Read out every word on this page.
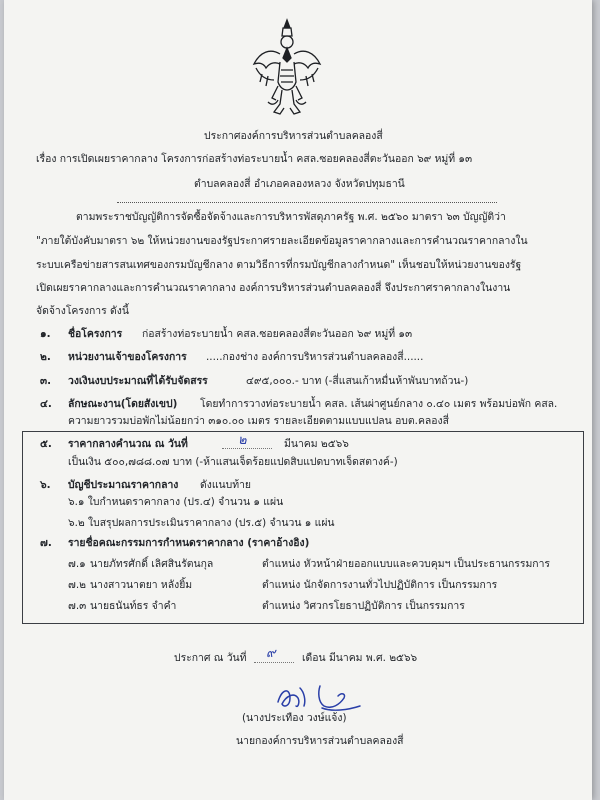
ประกาศองค์การบริหารส่วนตำบลคลองสี่
เรื่อง การเปิดเผยราคากลาง โครงการก่อสร้างท่อระบายน้ำ คสล.ซอยคลองสี่ตะวันออก ๖๙ หมู่ที่ ๑๓
ตำบลคลองสี่ อำเภอคลองหลวง จังหวัดปทุมธานี
ตามพระราชบัญญัติการจัดซื้อจัดจ้างและการบริหารพัสดุภาครัฐ พ.ศ. ๒๕๖๐ มาตรา ๖๓ บัญญัติว่า
"ภายใต้บังคับมาตรา ๖๒ ให้หน่วยงานของรัฐประกาศรายละเอียดข้อมูลราคากลางและการคำนวณราคากลางใน
ระบบเครือข่ายสารสนเทศของกรมบัญชีกลาง ตามวิธีการที่กรมบัญชีกลางกำหนด" เห็นชอบให้หน่วยงานของรัฐ
เปิดเผยราคากลางและการคำนวณราคากลาง องค์การบริหารส่วนตำบลคลองสี่ จึงประกาศราคากลางในงาน
จัดจ้างโครงการ ดังนี้
๑. ชื่อโครงการ ก่อสร้างท่อระบายน้ำ คสล.ซอยคลองสี่ตะวันออก ๖๙ หมู่ที่ ๑๓
๒. หน่วยงานเจ้าของโครงการ .....กองช่าง องค์การบริหารส่วนตำบลคลองสี่......
๓. วงเงินงบประมาณที่ได้รับจัดสรร	๔๙๕,๐๐๐.- บาท (-สี่แสนเก้าหมื่นห้าพันบาทถ้วน-)
๔. ลักษณะงาน(โดยสังเขป) โดยทำการวางท่อระบายน้ำ คสล. เส้นผ่าศูนย์กลาง ๐.๔๐ เมตร พร้อมบ่อพัก คสล.
ความยาวรวมบ่อพักไม่น้อยกว่า ๓๑๐.๐๐ เมตร รายละเอียดตามแบบแปลน อบต.คลองสี่
๕. ราคากลางคำนวณ ณ วันที่	๒	มีนาคม ๒๕๖๖
เป็นเงิน ๕๐๐,๗๘๘.๐๗ บาท (-ห้าแสนเจ็ดร้อยแปดสิบแปดบาทเจ็ดสตางค์-)
๖. บัญชีประมาณราคากลาง ดังแนบท้าย
๖.๑ ใบกำหนดราคากลาง (ปร.๔) จำนวน ๑ แผ่น
๖.๒ ใบสรุปผลการประเมินราคากลาง (ปร.๕) จำนวน ๑ แผ่น
๗. รายชื่อคณะกรรมการกำหนดราคากลาง (ราคาอ้างอิง)
๗.๑ นายภัทรศักดิ์ เลิศสินรัตนกุล	ตำแหน่ง หัวหน้าฝ่ายออกแบบและควบคุมฯ เป็นประธานกรรมการ
๗.๒ นางสาวนาตยา หลังยิ้ม	ตำแหน่ง นักจัดการงานทั่วไปปฏิบัติการ เป็นกรรมการ
๗.๓ นายธนันท์ธร จำคำ	ตำแหน่ง วิศวกรโยธาปฏิบัติการ เป็นกรรมการ
ประกาศ ณ วันที่ ๙	เดือน มีนาคม พ.ศ. ๒๕๖๖
(นางประเทือง วงษ์แจ้ง)
นายกองค์การบริหารส่วนตำบลคลองสี่
